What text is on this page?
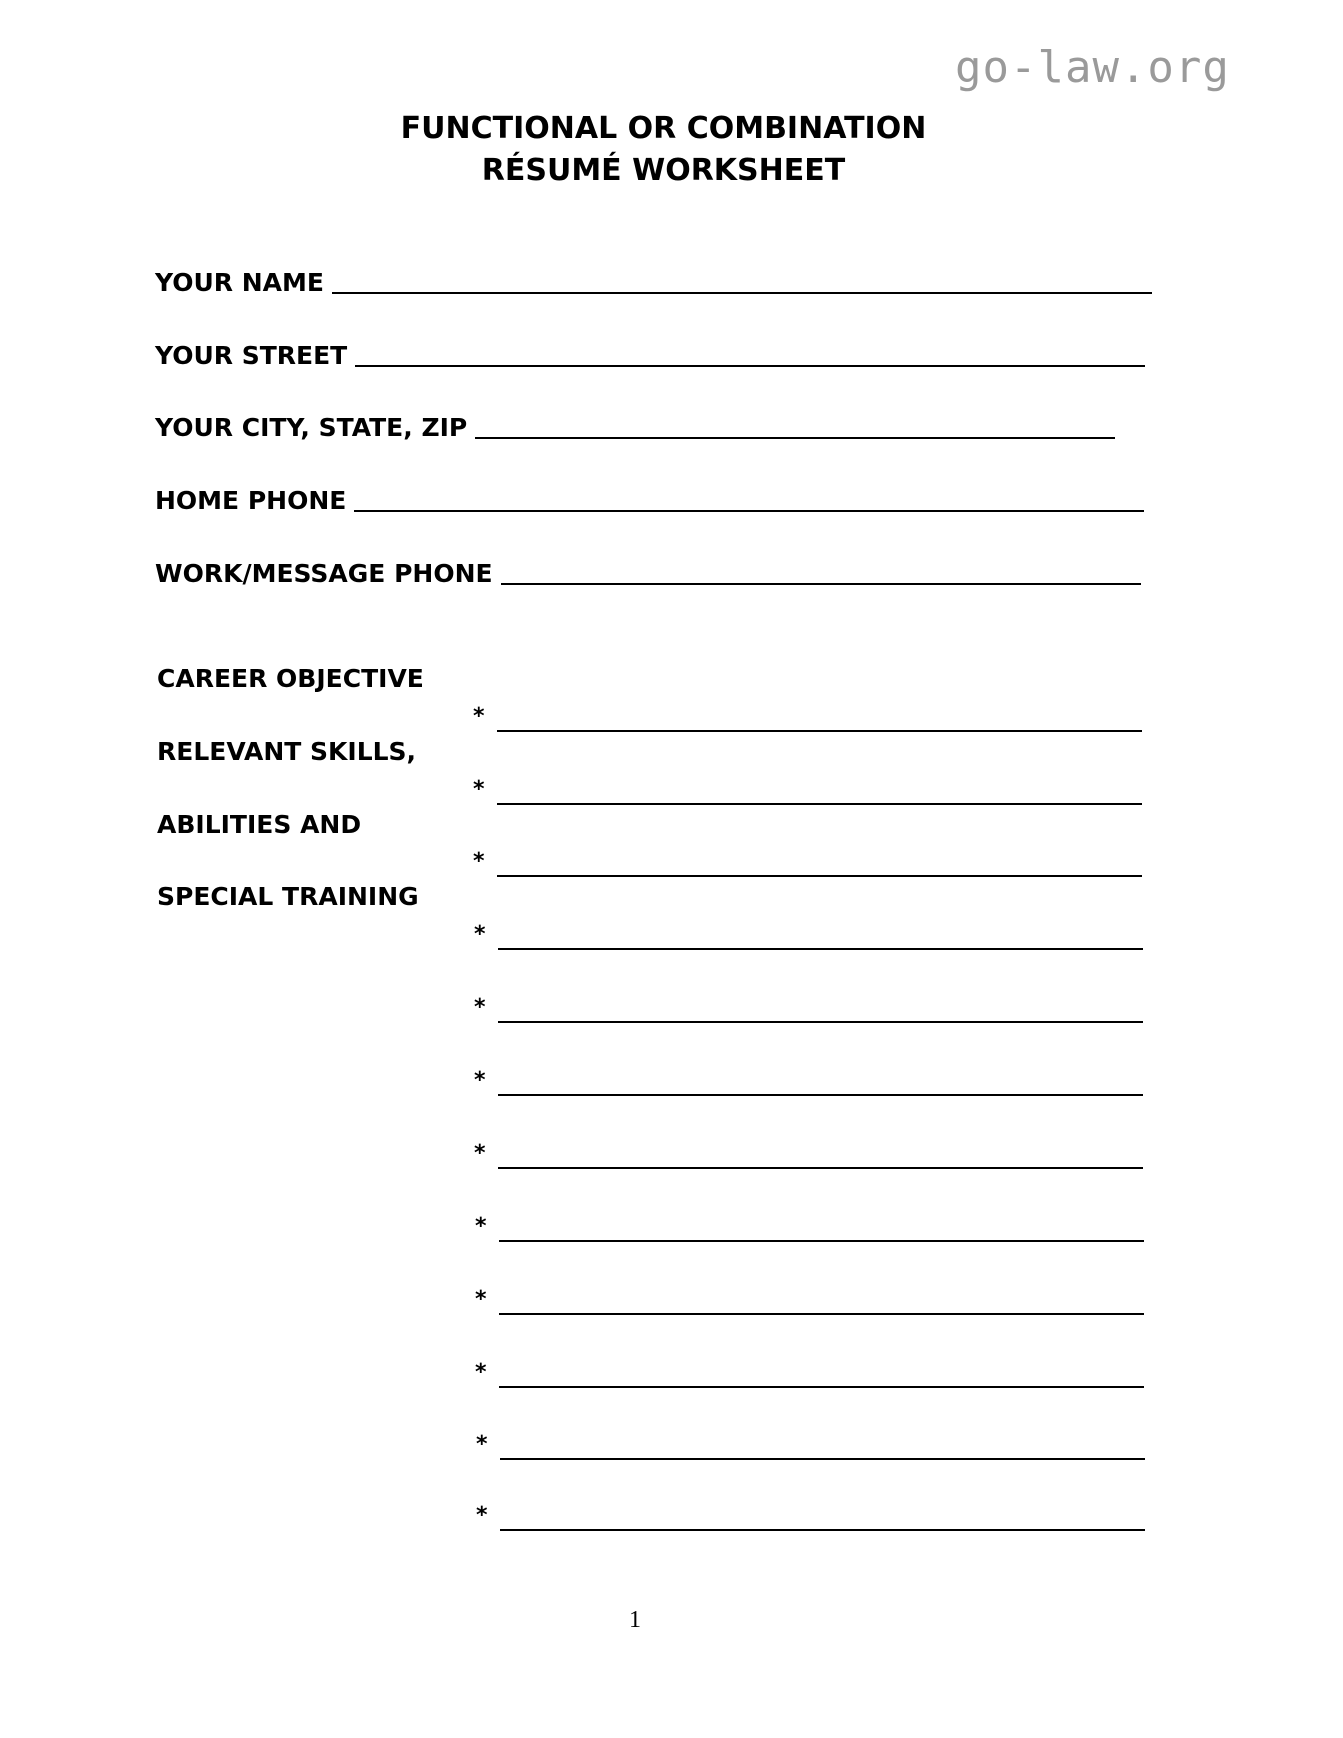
go-law.org
FUNCTIONAL OR COMBINATION
RÉSUMÉ WORKSHEET
YOUR NAME
YOUR STREET
YOUR CITY, STATE, ZIP
HOME PHONE
WORK/MESSAGE PHONE
CAREER OBJECTIVE
RELEVANT SKILLS,
ABILITIES AND
SPECIAL TRAINING
*
*
*
*
*
*
*
*
*
*
*
*
1
